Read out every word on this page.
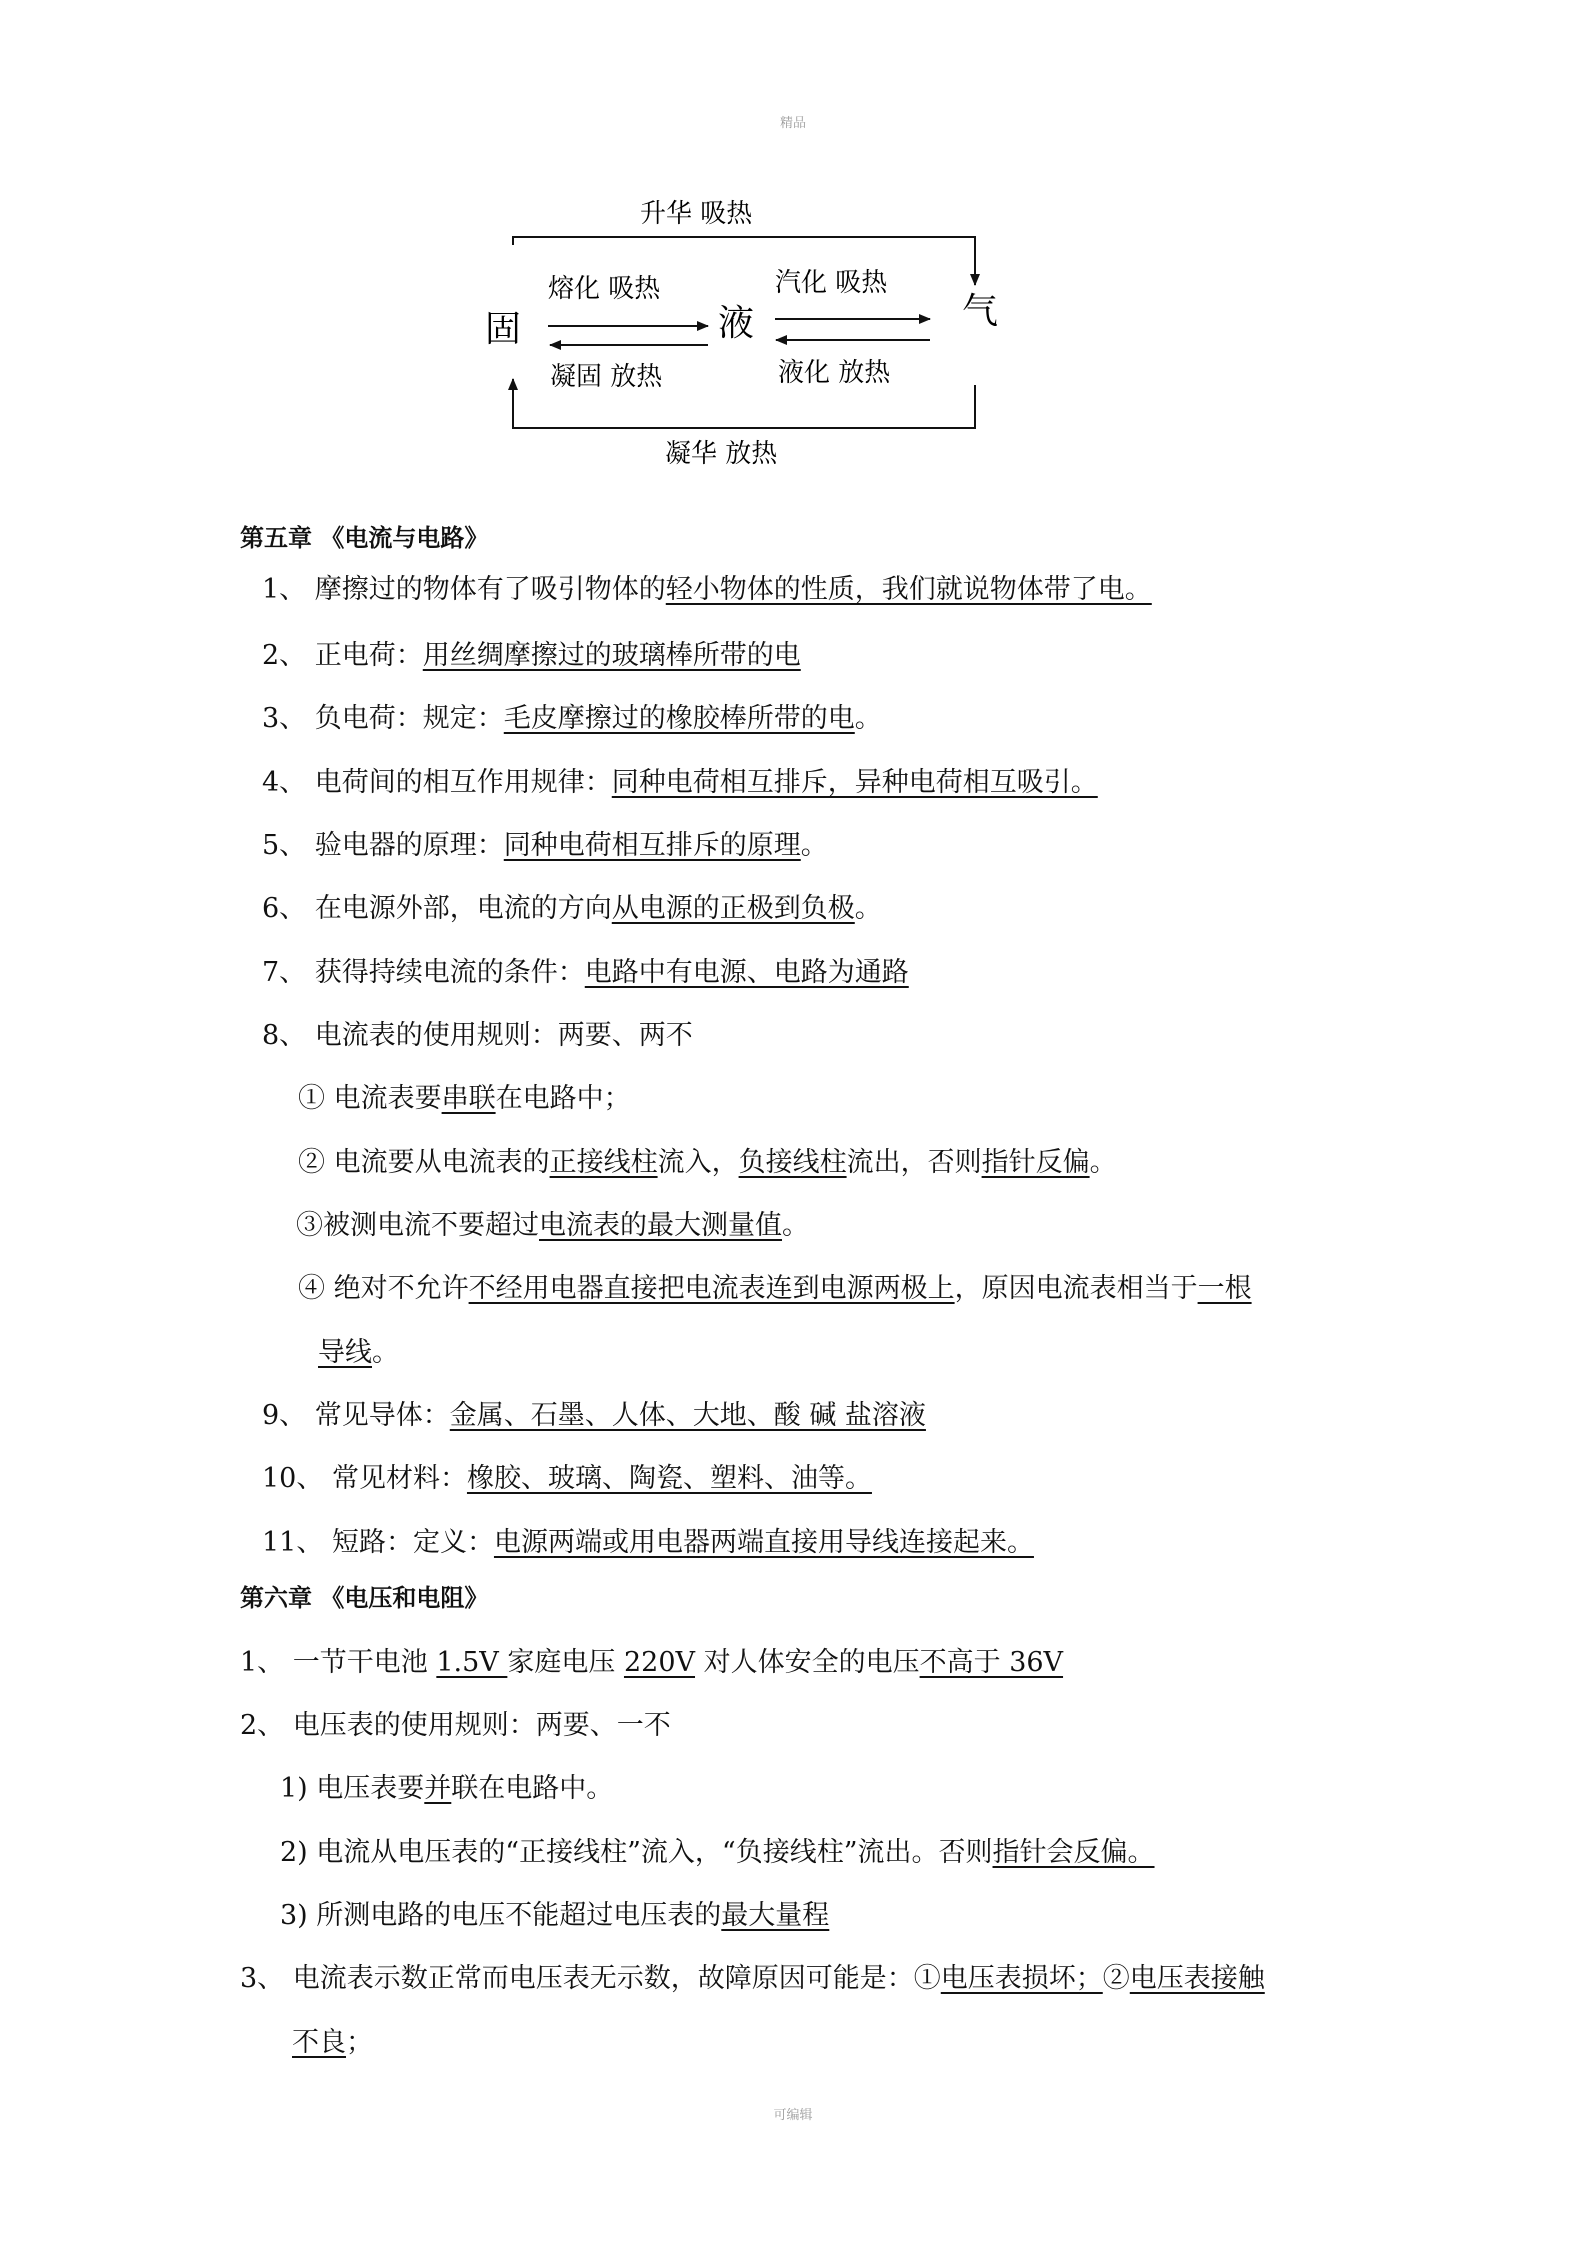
精品
升华 吸热
熔化 吸热	汽化 吸热
固	液	气
凝固 放热	液化 放热
凝华 放热
第五章 《电流与电路》
1、 摩擦过的物体有了吸引物体的轻小物体的性质，我们就说物体带了电。
2、 正电荷：用丝绸摩擦过的玻璃棒所带的电
3、 负电荷：规定：毛皮摩擦过的橡胶棒所带的电。
4、 电荷间的相互作用规律：同种电荷相互排斥，异种电荷相互吸引。
5、 验电器的原理：同种电荷相互排斥的原理。
6、 在电源外部，电流的方向从电源的正极到负极。
7、 获得持续电流的条件：电路中有电源、电路为通路
8、 电流表的使用规则：两要、两不
① 电流表要串联在电路中；
② 电流要从电流表的正接线柱流入，负接线柱流出，否则指针反偏。
③被测电流不要超过电流表的最大测量值。
④ 绝对不允许不经用电器直接把电流表连到电源两极上，原因电流表相当于一根
导线。
9、 常见导体：金属、石墨、人体、大地、酸 碱 盐溶液
10、 常见材料：橡胶、玻璃、陶瓷、塑料、油等。
11、 短路：定义：电源两端或用电器两端直接用导线连接起来。
第六章 《电压和电阻》
1、 一节干电池 1.5V 家庭电压 220V 对人体安全的电压不高于 36V
2、 电压表的使用规则：两要、一不
1) 电压表要并联在电路中。
2) 电流从电压表的“正接线柱”流入，“负接线柱”流出。否则指针会反偏。
3) 所测电路的电压不能超过电压表的最大量程
3、 电流表示数正常而电压表无示数，故障原因可能是：①电压表损坏；②电压表接触
不良；
可编辑
